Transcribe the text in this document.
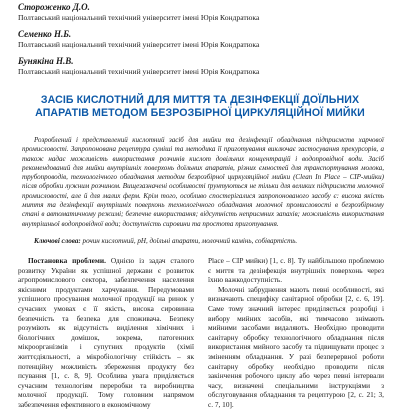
Стороженко Д.О.
Полтавський національний технічний університет імені Юрія Кондратюка
Семенко Н.Б.
Полтавський національний технічний університет імені Юрія Кондратюка
Бунякіна Н.В.
Полтавський національний технічний університет імені Юрія Кондратюка
ЗАСІБ КИСЛОТНИЙ ДЛЯ МИТТЯ ТА ДЕЗІНФЕКЦІЇ ДОЇЛЬНИХ АПАРАТІВ МЕТОДОМ БЕЗРОЗБІРНОЇ ЦИРКУЛЯЦІЙНОЇ МИЙКИ
Розроблений і представлений кислотний засіб для мийки та дезінфекції обладнання підприємств харчової промисловості. Запропонована рецептура суміші та методика її приготування виключає застосування прекурсорів, а також надає можливість використання розчинів кислот довільних концентрацій і водопровідної води. Засіб рекомендований для мийки внутрішніх поверхонь доїльних апаратів, різних ємностей для транспортування молока, трубопроводів, технологічного обладнання методом безрозбірної циркуляційної мийки (Clean In Place – CIP-мийки) після обробки лужним розчином. Вищезазначені особливості ґрунтуються не тільки для великих підприємств молочної промисловості, але й для малих ферм. Крім того, особливо спостерігалися запропонованого засобу є: висока якість миття та дезінфекції внутрішніх поверхонь технологічного обладнання молочної промисловості в безрозбірному стані в автоматичному режимі; безпечне використання; відсутність неприємних запахів; можливість використання внутрішньої водопровідної води; доступність сировини та простота приготування.
Ключові слова: рочин кислотний, pH, доїльні апарати, молочний камінь, собівартість.
Постановка проблеми. Однією із задач сталого розвитку України як успішної держави є розвиток агропромислового сектора, забезпечення населення якісними продуктами харчування. Передумовами успішного просування молочної продукції на ринок у сучасних умовах є її якість, висока сировинна безпечність та безпека для споживача. Безпеку розуміють як відсутність виділення хімічних і біологічних домішок, зокрема, патогенних мікроорганізмів і супутних продуктів (хімії життєдіяльності, а мікробіологічну стійкість – як потенційну можливість збереження продукту без псування [1, с. 8, 9]. Особлива увага приділяється сучасним технологіям переробки та виробництва молочної продукції. Тому головним напрямом забезпечення ефективного в економічному

Place – CIP мийки) [1, с. 8]. Ту найбільшою проблемою є миття та дезінфекція внутрішніх поверхонь через їхню важкодоступність.

Молочні забруднення мають певні особливості, які визначають специфіку санітарної обробки [2, с. 6, 19]. Саме тому значний інтерес приділяється розробці і вибору мийних засобів, які тимчасово знімають мийними засобами видаляють. Необхідно проводити санітарну обробку технологічного обладнання після використання мийного засобу та підвищувати процес з зміненням обладнання. У разі безперервної роботи санітарну обробку необхідно проводити після закінчення робочого циклу або через певні інтервали часу, визначені спеціальними інструкціями з обслуговування обладнання та рецептурою [2, с. 21; 3, с. 7, 10].
